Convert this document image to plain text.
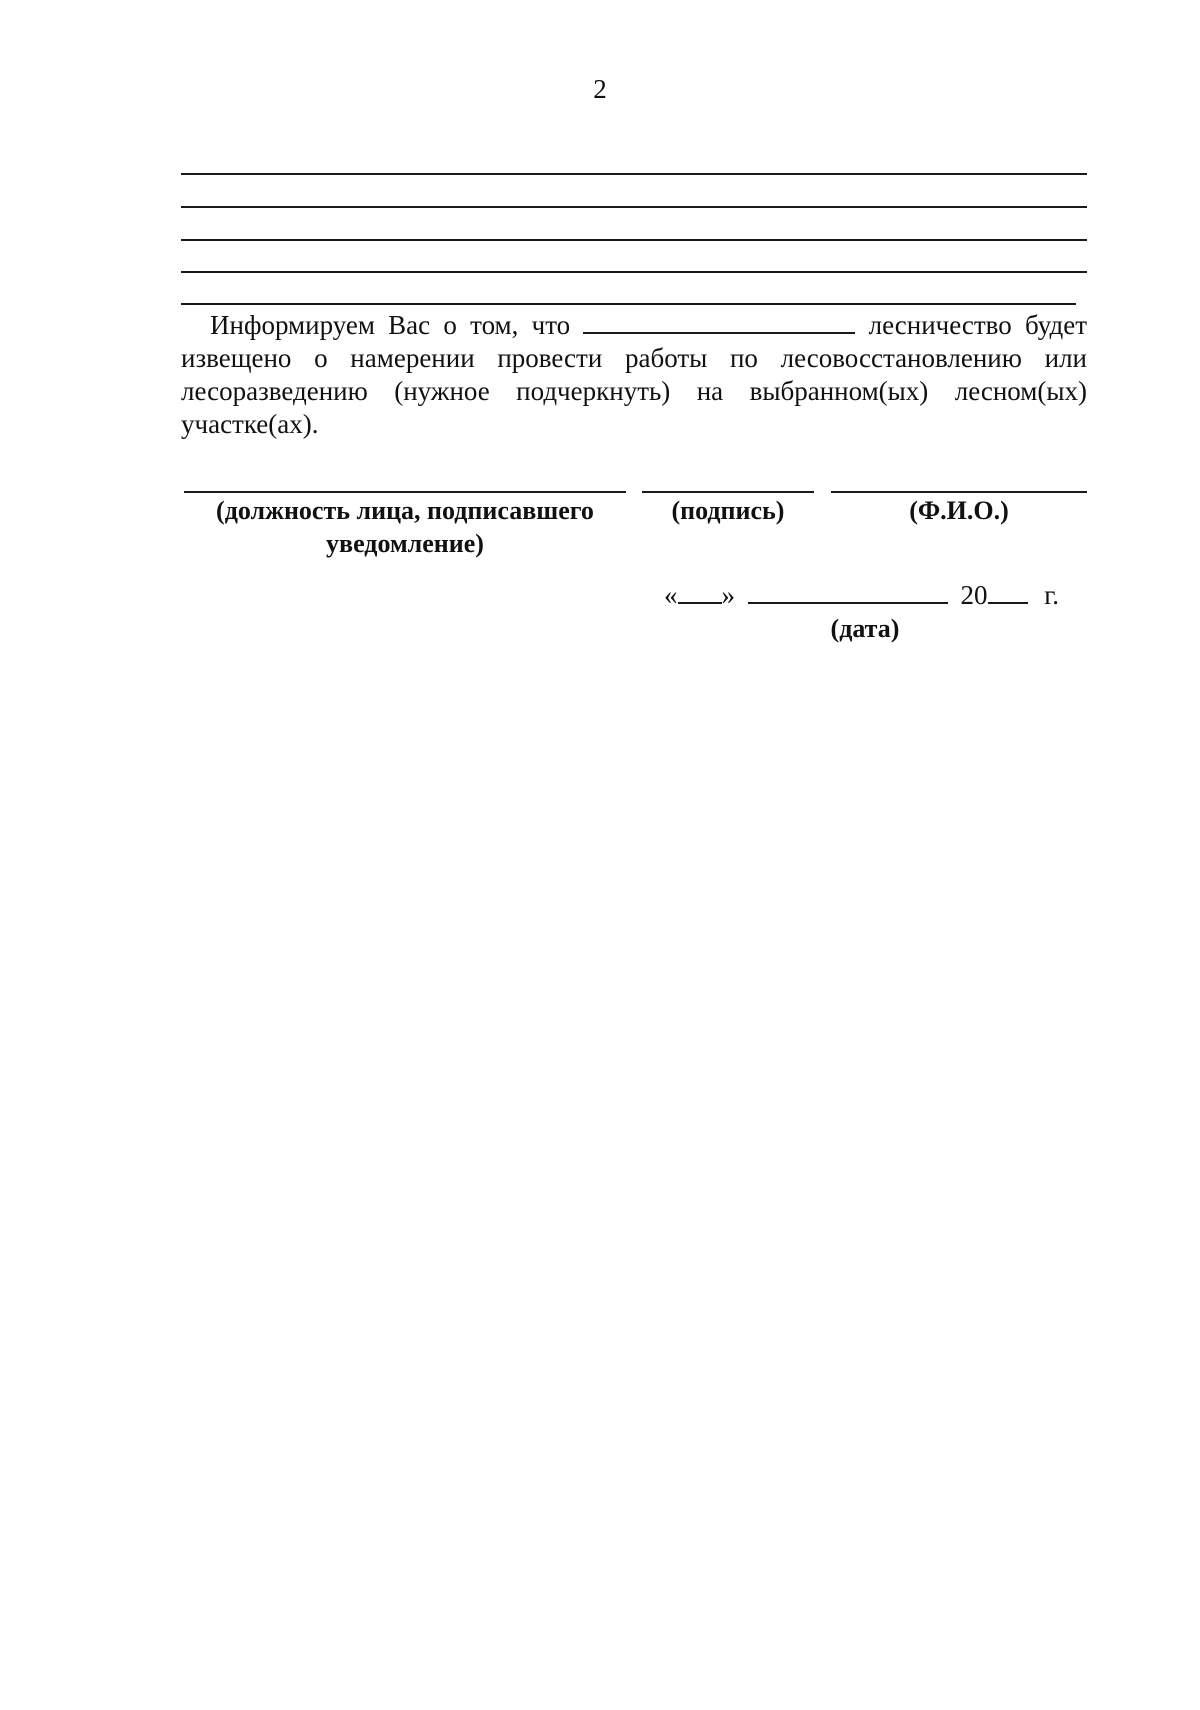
2

Информируем Вас о том, что	лесничество будет извещено о намерении провести работы по лесовосстановлению или лесоразведению (нужное подчеркнуть) на выбранном(ых) лесном(ых) участке(ах).

(должность лица, подписавшего уведомление)
(подпись)	(Ф.И.О.)
« »	20 г.
(дата)
